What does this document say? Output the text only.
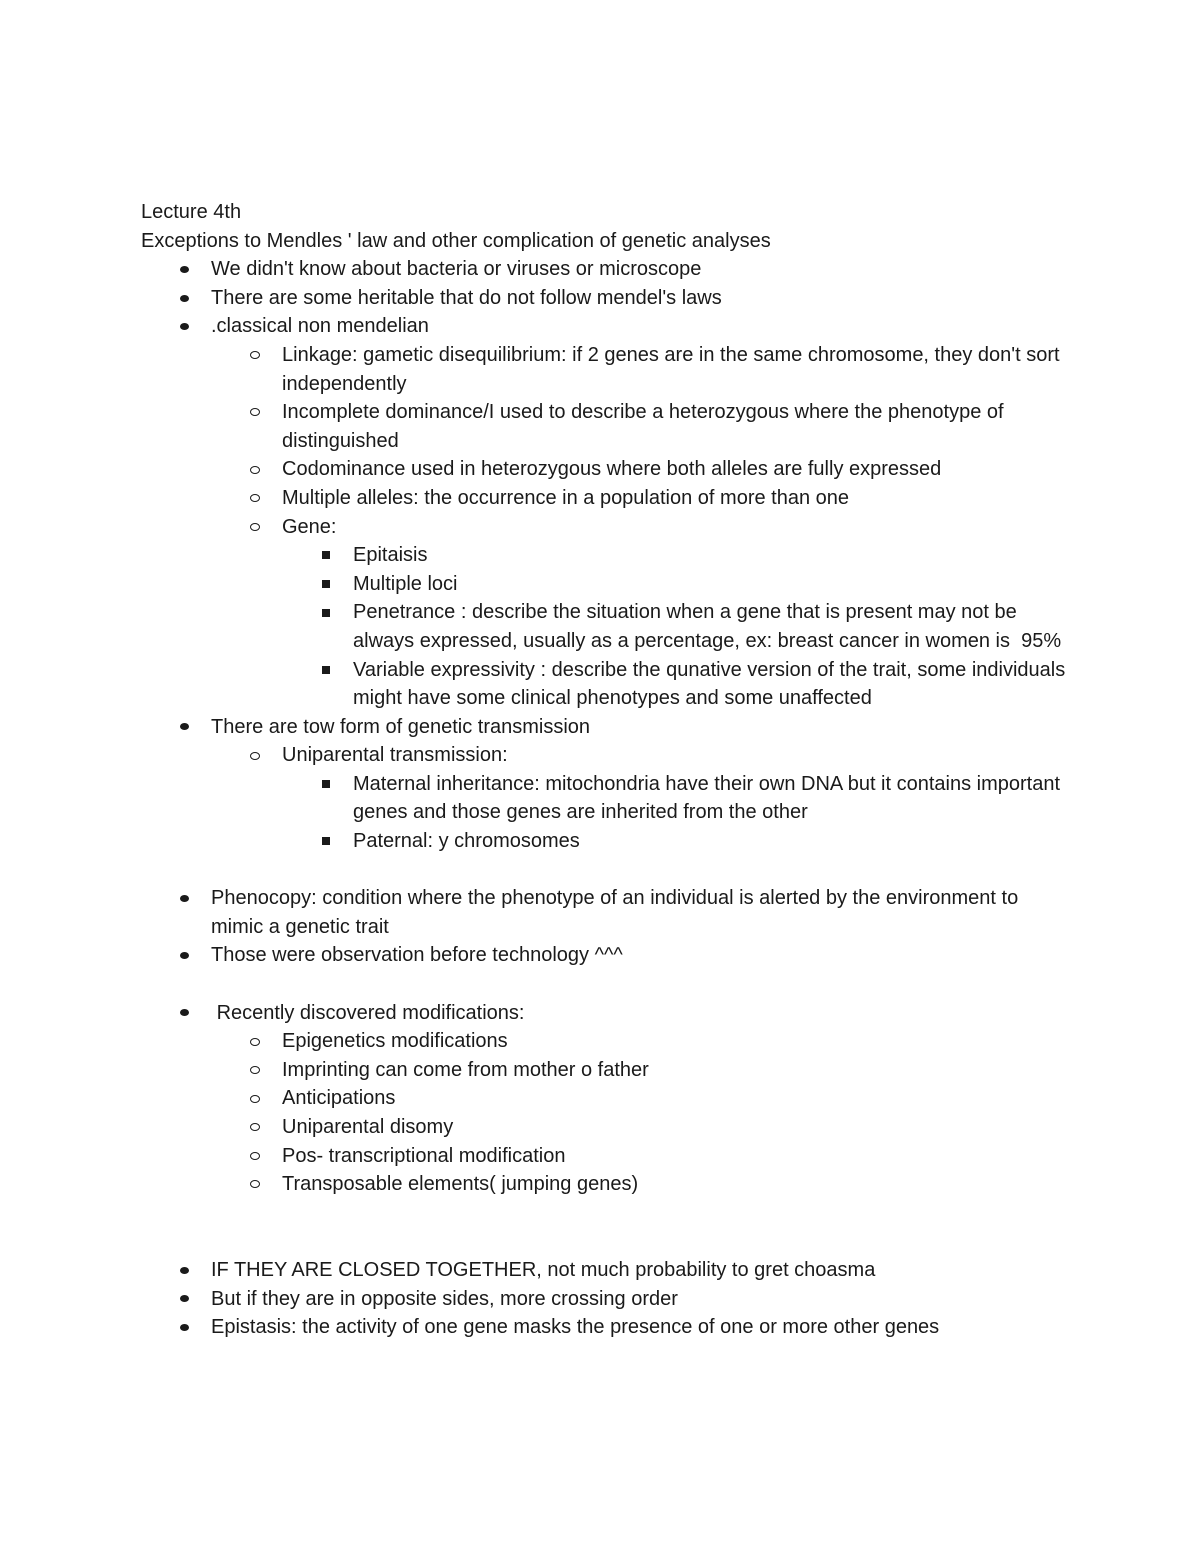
Lecture 4th

Exceptions to Mendles ' law and other complication of genetic analyses

We didn't know about bacteria or viruses or microscope
There are some heritable that do not follow mendel's laws
.classical non mendelian
Linkage: gametic disequilibrium: if 2 genes are in the same chromosome, they don't sort independently
Incomplete dominance/I used to describe a heterozygous where the phenotype of distinguished
Codominance used in heterozygous where both alleles are fully expressed
Multiple alleles: the occurrence in a population of more than one
Gene:
Epitaisis
Multiple loci
Penetrance : describe the situation when a gene that is present may not be always expressed, usually as a percentage, ex: breast cancer in women is  95%
Variable expressivity : describe the qunative version of the trait, some individuals might have some clinical phenotypes and some unaffected
There are tow form of genetic transmission
Uniparental transmission:
Maternal inheritance: mitochondria have their own DNA but it contains important genes and those genes are inherited from the other
Paternal: y chromosomes
Phenocopy: condition where the phenotype of an individual is alerted by the environment to mimic a genetic trait
Those were observation before technology ^^^
Recently discovered modifications:
Epigenetics modifications
Imprinting can come from mother o father
Anticipations
Uniparental disomy
Pos- transcriptional modification
Transposable elements( jumping genes)
IF THEY ARE CLOSED TOGETHER, not much probability to gret choasma
But if they are in opposite sides, more crossing order
Epistasis: the activity of one gene masks the presence of one or more other genes
